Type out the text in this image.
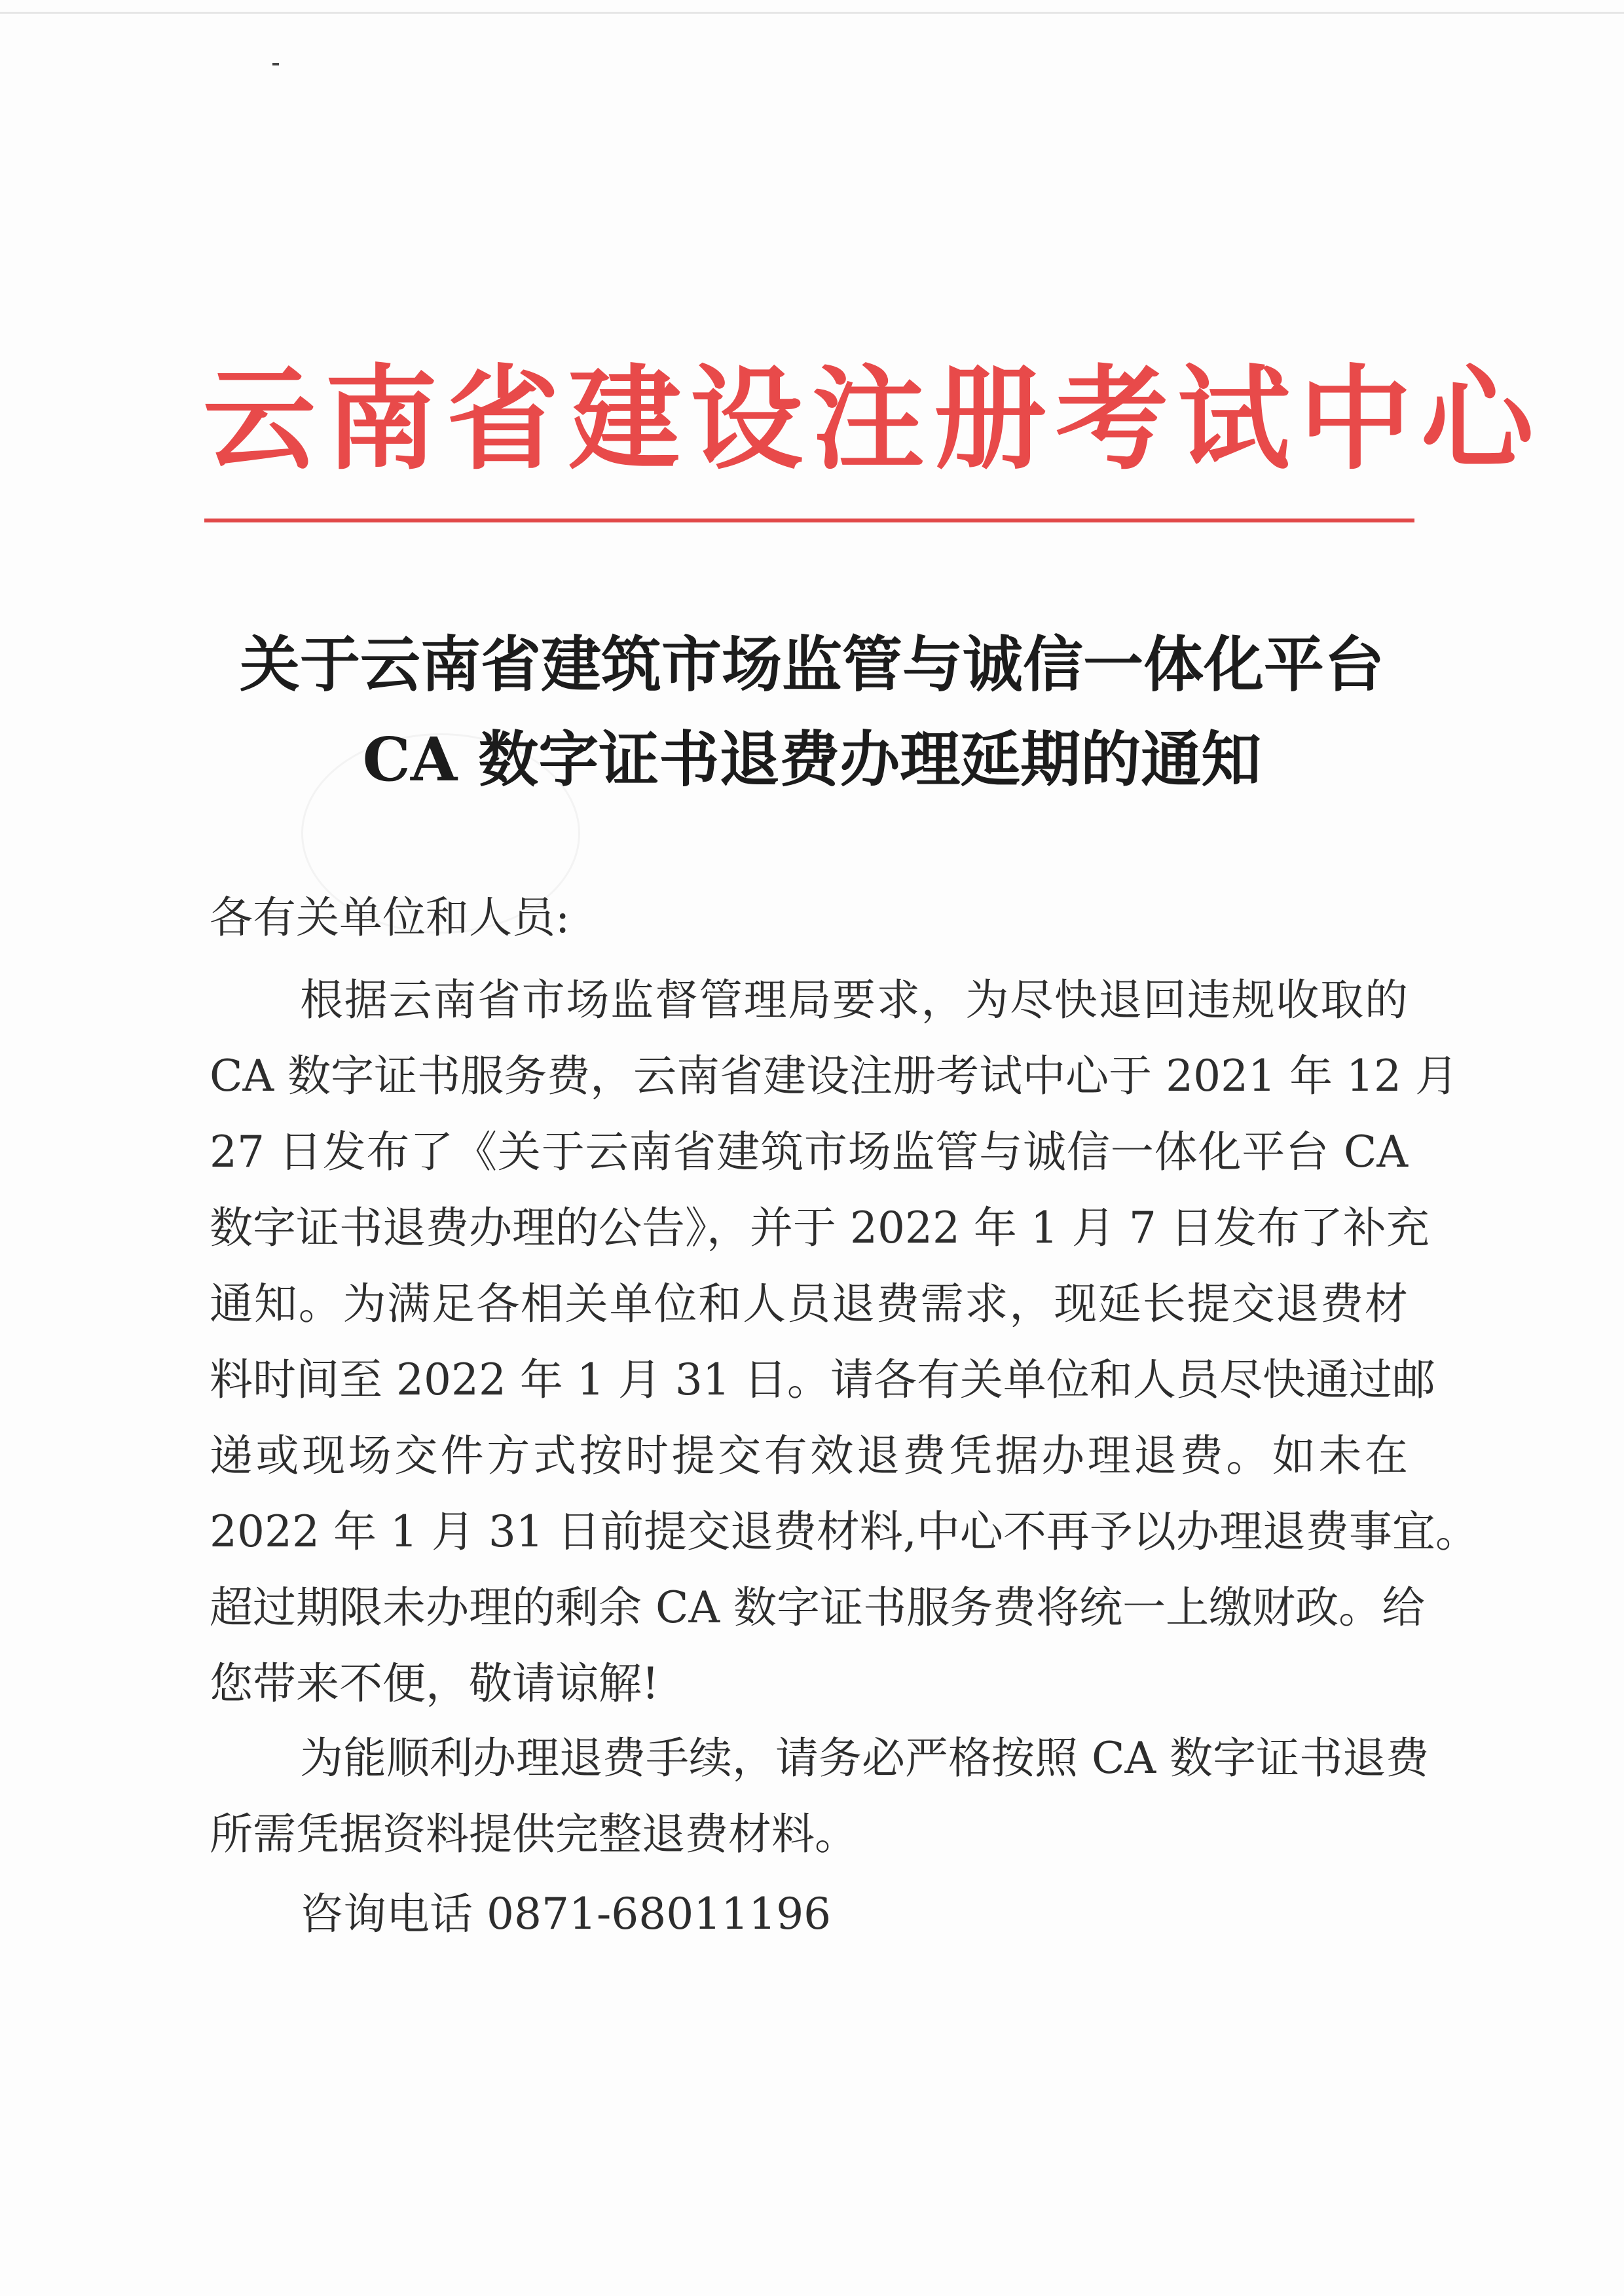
云南省建设注册考试中心
关于云南省建筑市场监管与诚信一体化平台
CA 数字证书退费办理延期的通知
各有关单位和人员:
根据云南省市场监督管理局要求，为尽快退回违规收取的
CA 数字证书服务费，云南省建设注册考试中心于 2021 年 12 月
27 日发布了《关于云南省建筑市场监管与诚信一体化平台 CA
数字证书退费办理的公告》，并于 2022 年 1 月 7 日发布了补充
通知。为满足各相关单位和人员退费需求，现延长提交退费材
料时间至 2022 年 1 月 31 日。请各有关单位和人员尽快通过邮
递或现场交件方式按时提交有效退费凭据办理退费。如未在
2022 年 1 月 31 日前提交退费材料,中心不再予以办理退费事宜。
超过期限未办理的剩余 CA 数字证书服务费将统一上缴财政。给
您带来不便，敬请谅解!
为能顺利办理退费手续，请务必严格按照 CA 数字证书退费
所需凭据资料提供完整退费材料。
咨询电话 0871-68011196
